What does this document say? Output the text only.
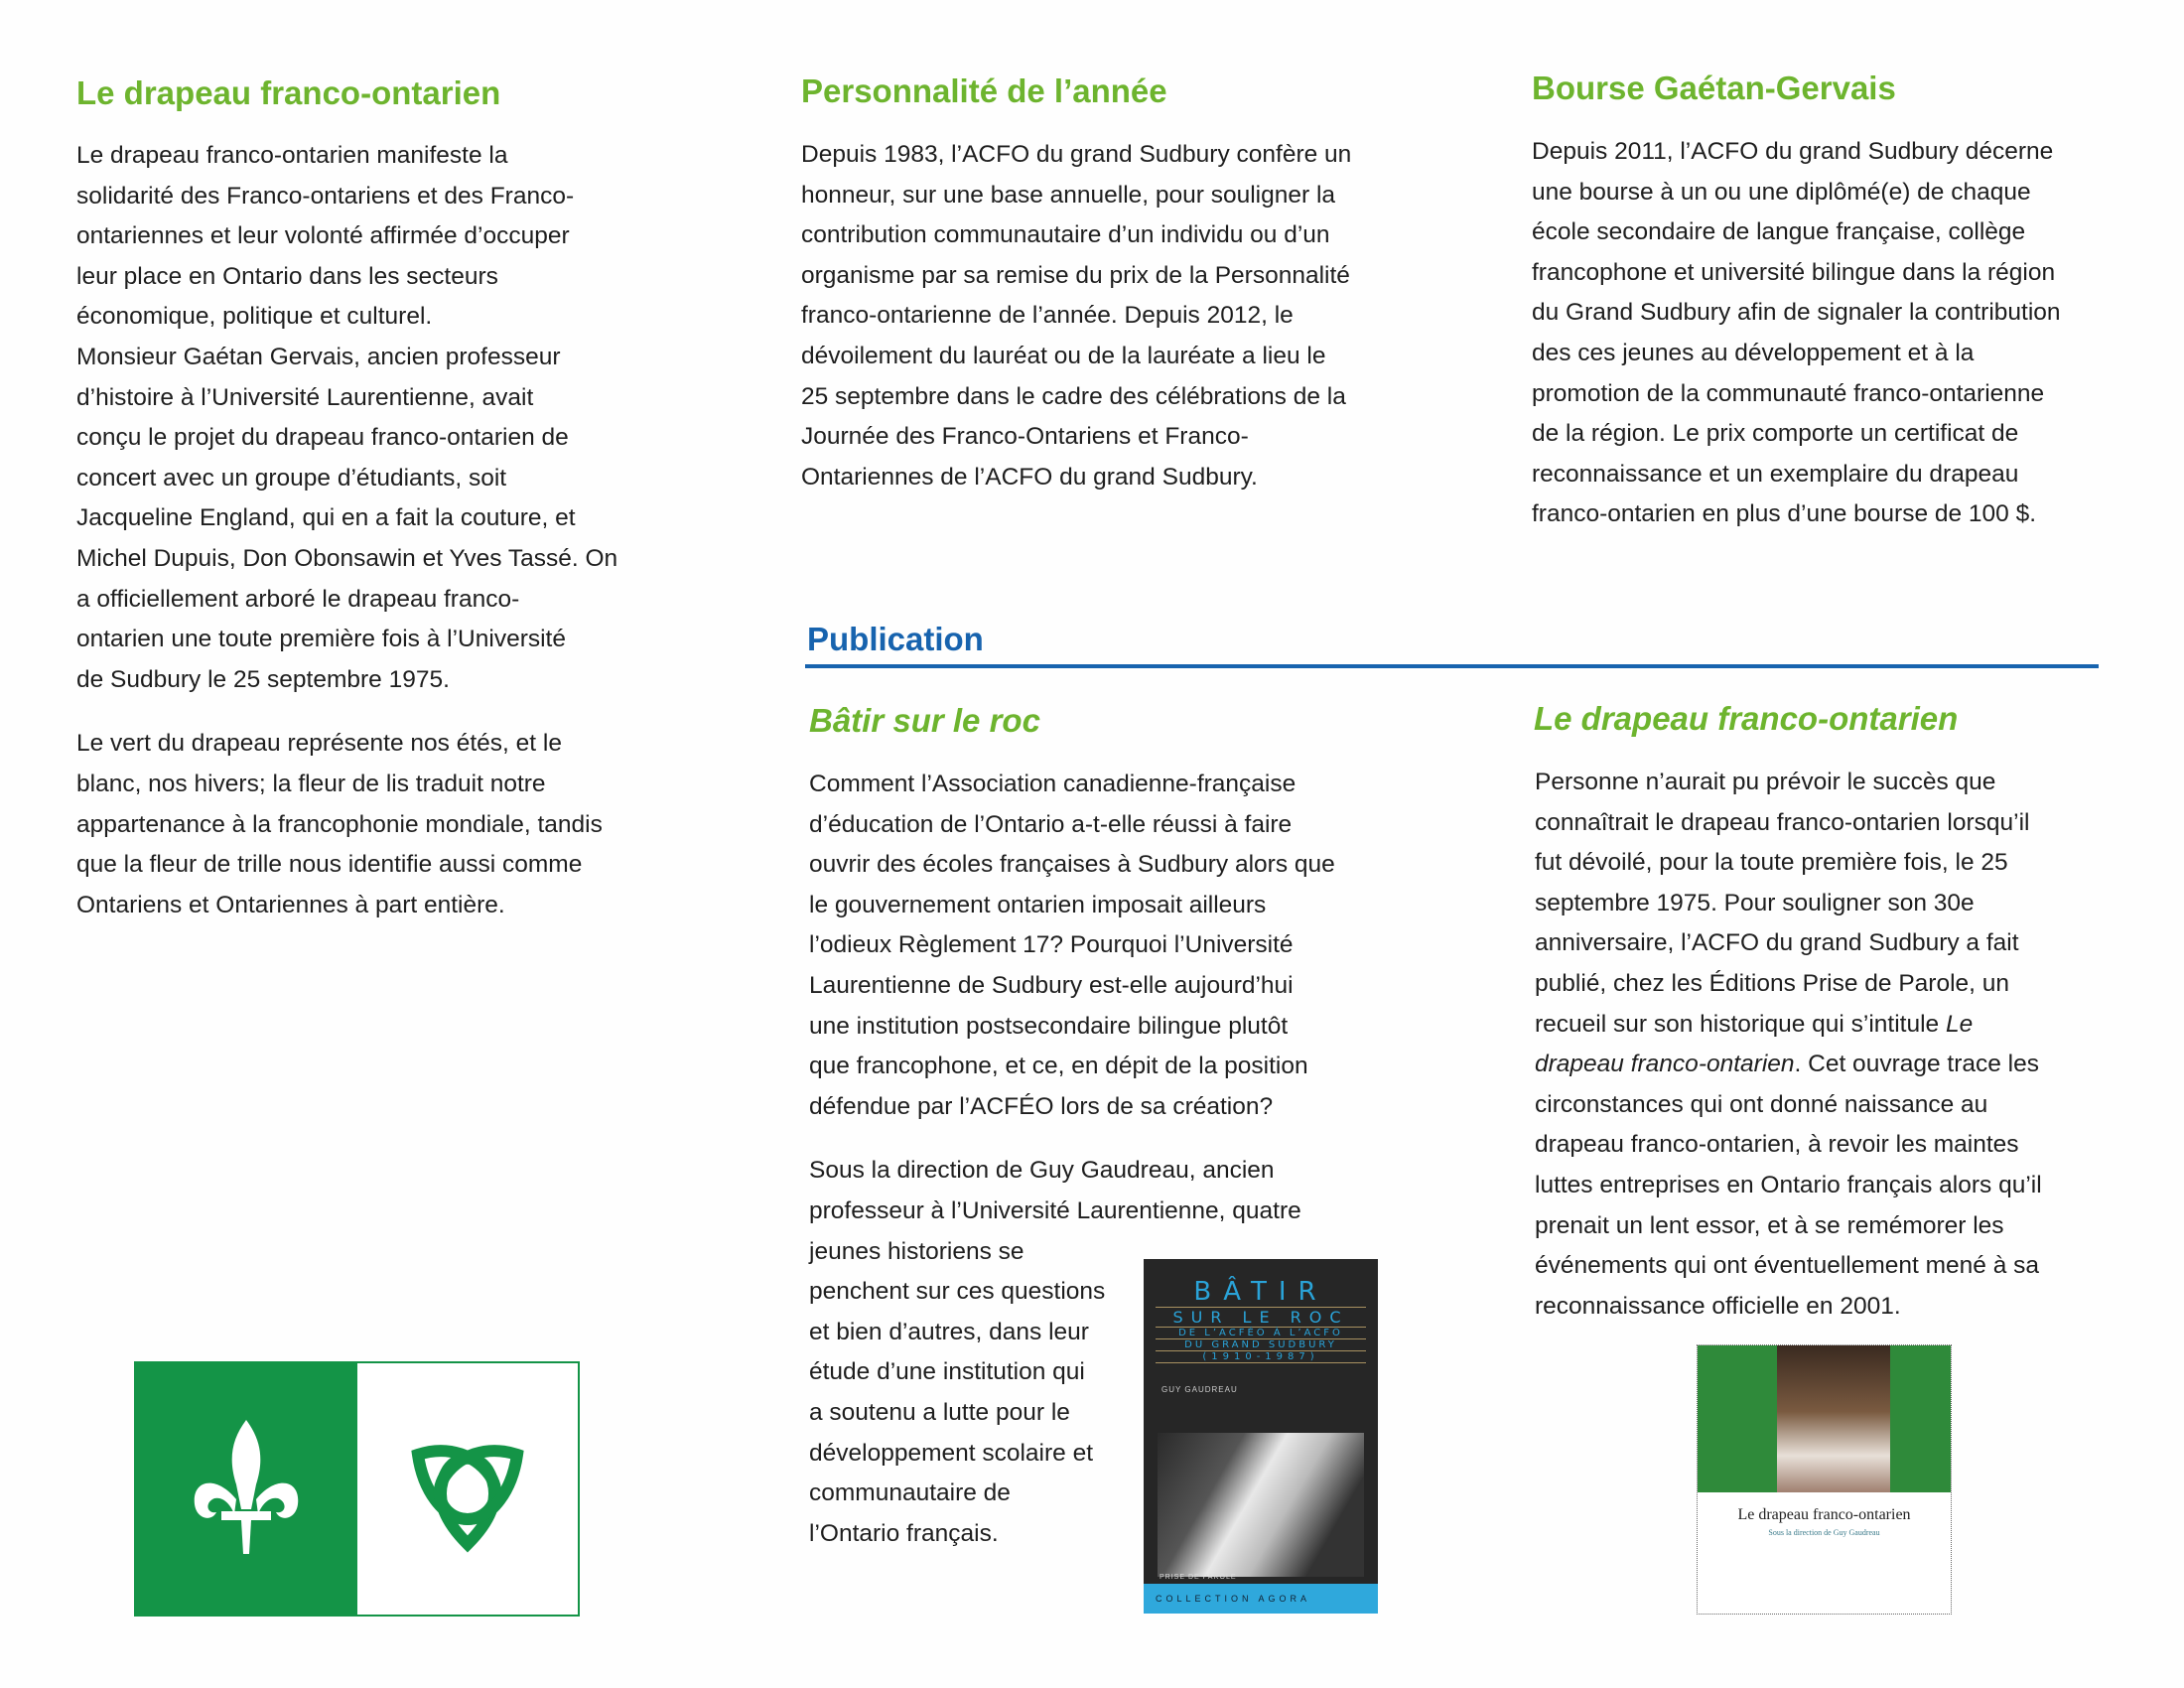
Le drapeau franco-ontarien
Le drapeau franco-ontarien manifeste la
solidarité des Franco-ontariens et des Franco-
ontariennes et leur volonté affirmée d’occuper
leur place en Ontario dans les secteurs
économique, politique et culturel.
Monsieur Gaétan Gervais, ancien professeur
d’histoire à l’Université Laurentienne, avait
conçu le projet du drapeau franco-ontarien de
concert avec un groupe d’étudiants, soit
Jacqueline England, qui en a fait la couture, et
Michel Dupuis, Don Obonsawin et Yves Tassé. On
a officiellement arboré le drapeau franco-
ontarien une toute première fois à l’Université
de Sudbury le 25 septembre 1975.
Le vert du drapeau représente nos étés, et le
blanc, nos hivers; la fleur de lis traduit notre
appartenance à la francophonie mondiale, tandis
que la fleur de trille nous identifie aussi comme
Ontariens et Ontariennes à part entière.
Personnalité de l’année
Depuis 1983, l’ACFO du grand Sudbury confère un
honneur, sur une base annuelle, pour souligner la
contribution communautaire d’un individu ou d’un
organisme par sa remise du prix de la Personnalité
franco-ontarienne de l’année. Depuis 2012, le
dévoilement du lauréat ou de la lauréate a lieu le
25 septembre dans le cadre des célébrations de la
Journée des Franco-Ontariens et Franco-
Ontariennes de l’ACFO du grand Sudbury.
Bourse Gaétan-Gervais
Depuis 2011, l’ACFO du grand Sudbury décerne
une bourse à un ou une diplômé(e) de chaque
école secondaire de langue française, collège
francophone et université bilingue dans la région
du Grand Sudbury afin de signaler la contribution
des ces jeunes au développement et à la
promotion de la communauté franco-ontarienne
de la région. Le prix comporte un certificat de
reconnaissance et un exemplaire du drapeau
franco-ontarien en plus d’une bourse de 100 $.
Publication
Bâtir sur le roc
Comment l’Association canadienne-française
d’éducation de l’Ontario a-t-elle réussi à faire
ouvrir des écoles françaises à Sudbury alors que
le gouvernement ontarien imposait ailleurs
l’odieux Règlement 17? Pourquoi l’Université
Laurentienne de Sudbury est-elle aujourd’hui
une institution postsecondaire bilingue plutôt
que francophone, et ce, en dépit de la position
défendue par l’ACFÉO lors de sa création?
Sous la direction de Guy Gaudreau, ancien
professeur à l’Université Laurentienne, quatre
jeunes historiens se
penchent sur ces questions
et bien d’autres, dans leur
étude d’une institution qui
a soutenu a lutte pour le
développement scolaire et
communautaire de
l’Ontario français.
Le drapeau franco-ontarien
Personne n’aurait pu prévoir le succès que
connaîtrait le drapeau franco-ontarien lorsqu’il
fut dévoilé, pour la toute première fois, le 25
septembre 1975. Pour souligner son 30e
anniversaire, l’ACFO du grand Sudbury a fait
publié, chez les Éditions Prise de Parole, un
recueil sur son historique qui s’intitule Le
drapeau franco-ontarien. Cet ouvrage trace les
circonstances qui ont donné naissance au
drapeau franco-ontarien, à revoir les maintes
luttes entreprises en Ontario français alors qu’il
prenait un lent essor, et à se remémorer les
événements qui ont éventuellement mené à sa
reconnaissance officielle en 2001.
BÂTIR
SUR LE ROC
DE L’ACFÉO À L’ACFO
DU GRAND SUDBURY
(1910-1987)
GUY GAUDREAU
PRISE DE PAROLE
COLLECTION AGORA
Le drapeau franco-ontarien
Sous la direction de Guy Gaudreau
